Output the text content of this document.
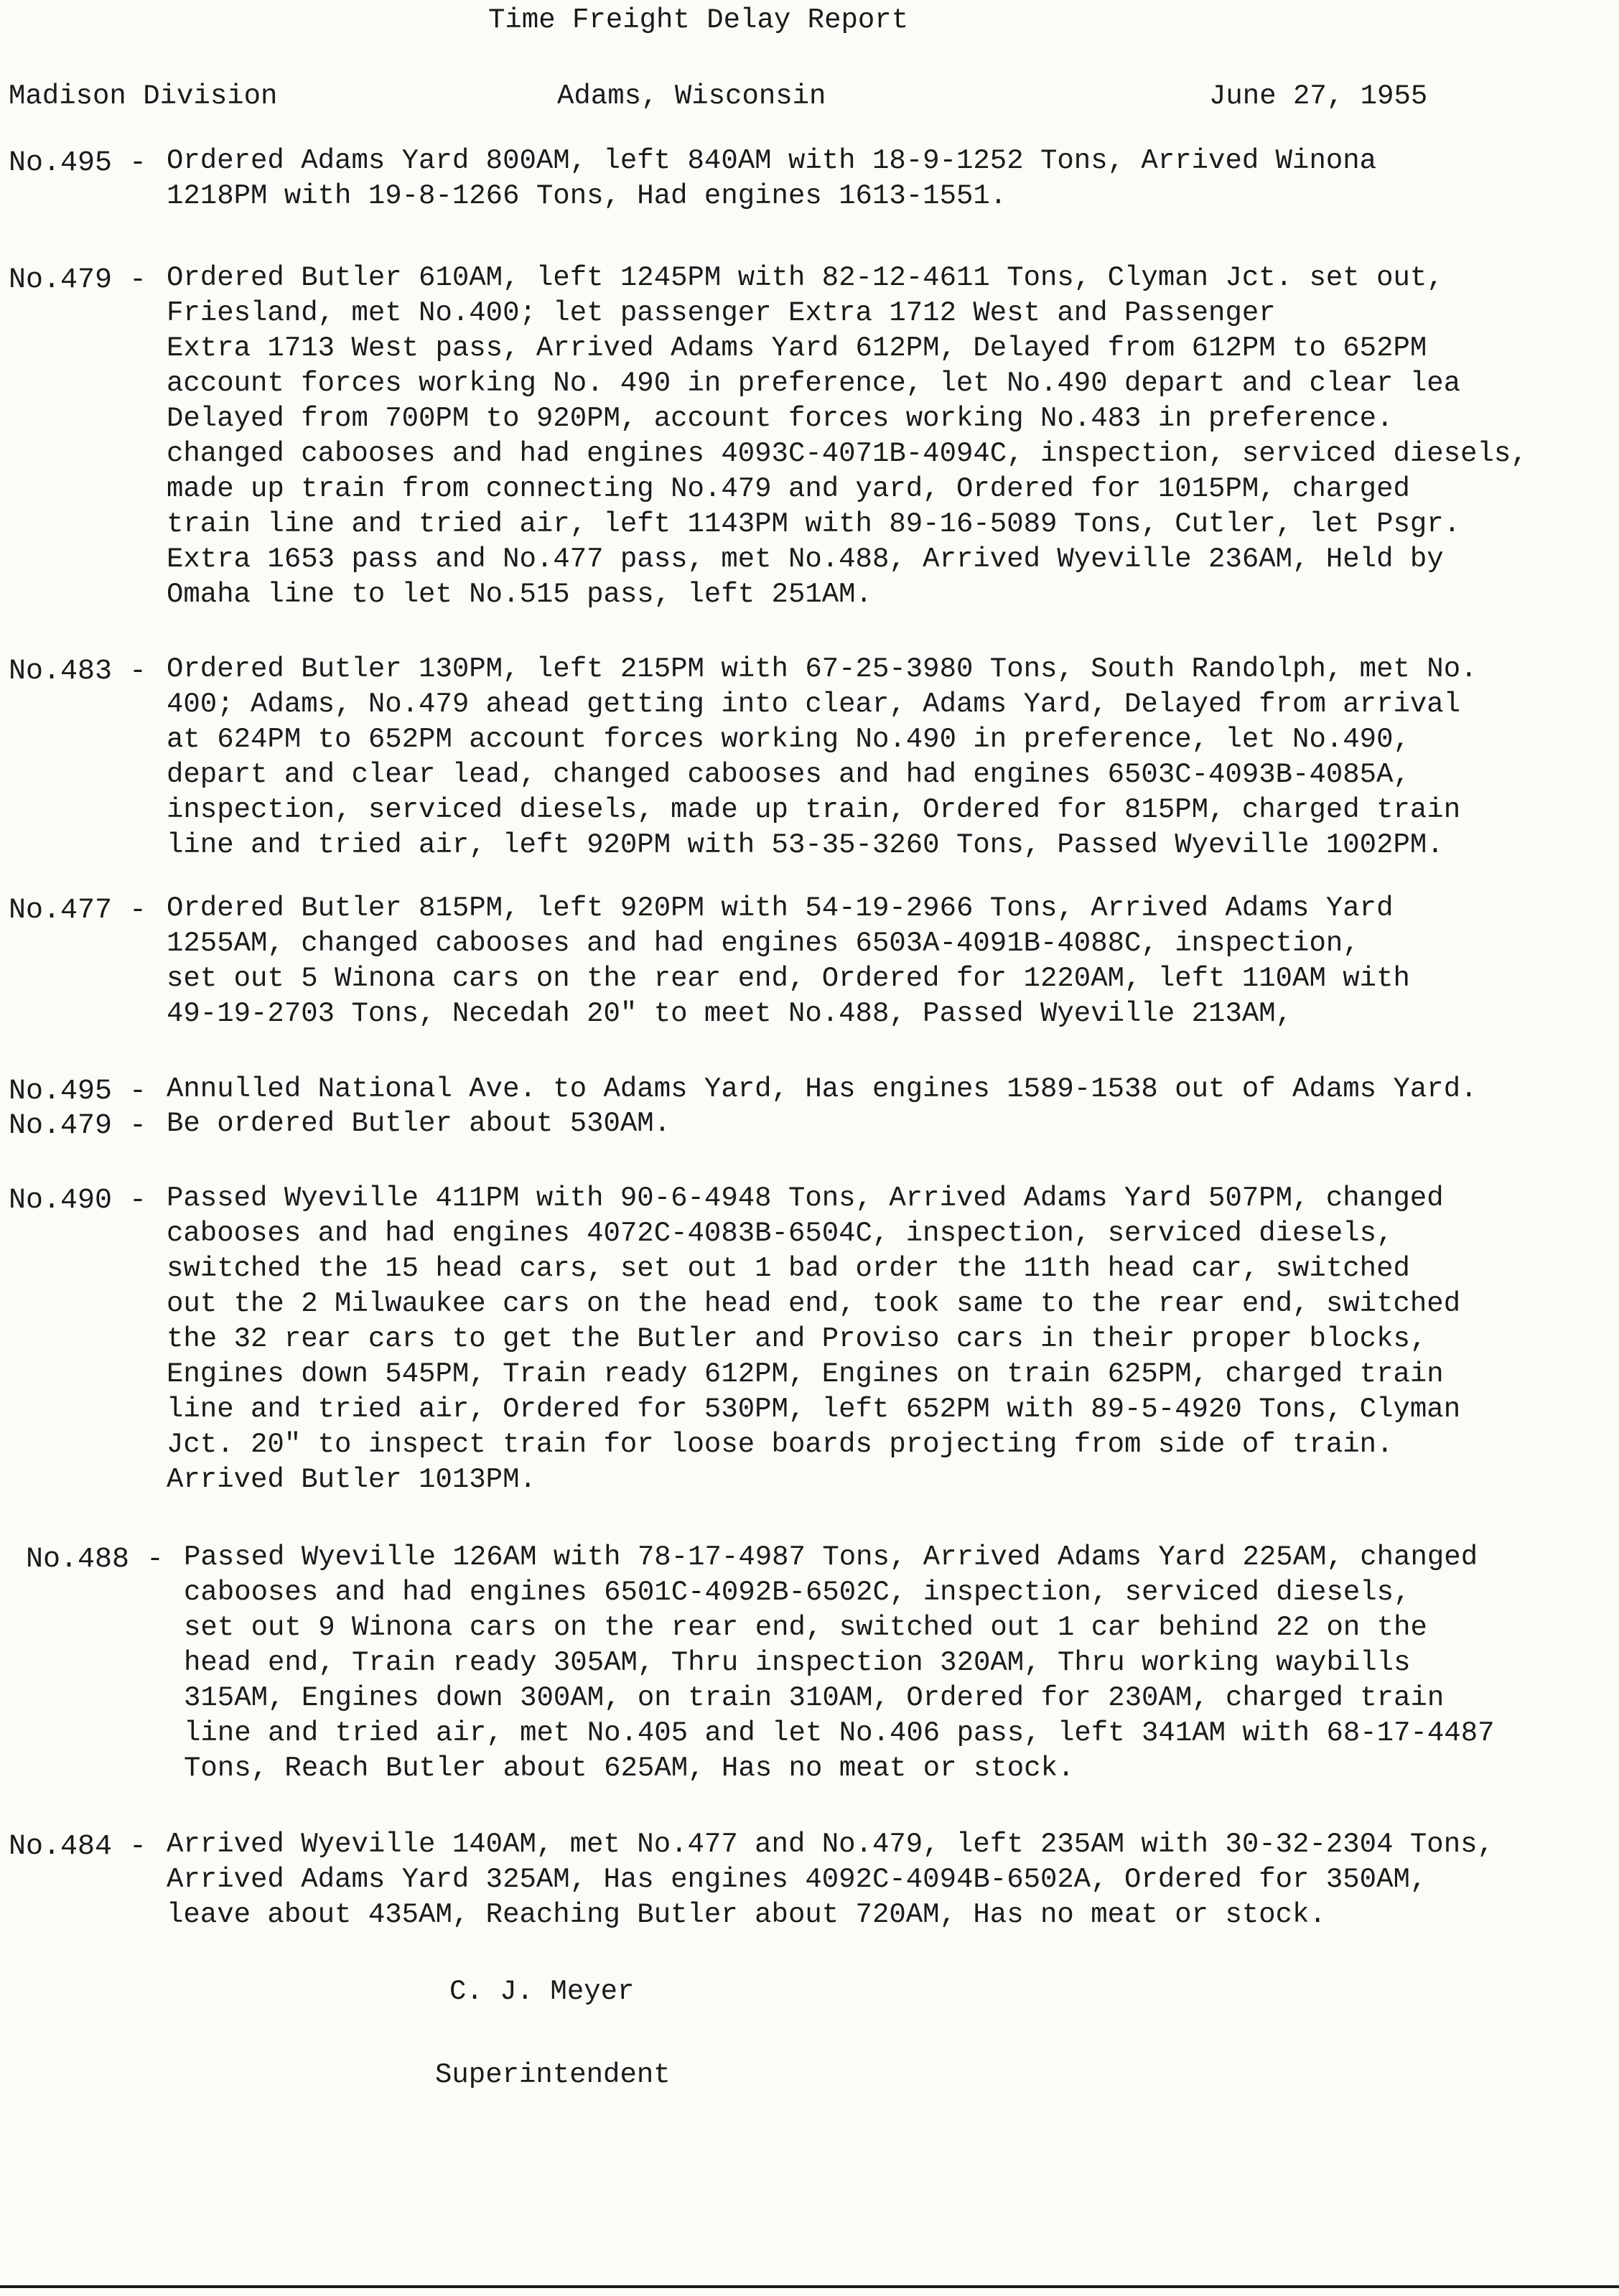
Time Freight Delay Report
Madison Division	Adams, Wisconsin	June 27, 1955
No.495 - Ordered Adams Yard 800AM, left 840AM with 18-9-1252 Tons, Arrived Winona
1218PM with 19-8-1266 Tons, Had engines 1613-1551.
No.479 - Ordered Butler 610AM, left 1245PM with 82-12-4611 Tons, Clyman Jct. set out,
Friesland, met No.400; let passenger Extra 1712 West and Passenger
Extra 1713 West pass, Arrived Adams Yard 612PM, Delayed from 612PM to 652PM
account forces working No. 490 in preference, let No.490 depart and clear lea
Delayed from 700PM to 920PM, account forces working No.483 in preference.
changed cabooses and had engines 4093C-4071B-4094C, inspection, serviced diesels,
made up train from connecting No.479 and yard, Ordered for 1015PM, charged
train line and tried air, left 1143PM with 89-16-5089 Tons, Cutler, let Psgr.
Extra 1653 pass and No.477 pass, met No.488, Arrived Wyeville 236AM, Held by
Omaha line to let No.515 pass, left 251AM.
No.483 - Ordered Butler 130PM, left 215PM with 67-25-3980 Tons, South Randolph, met No.
400; Adams, No.479 ahead getting into clear, Adams Yard, Delayed from arrival
at 624PM to 652PM account forces working No.490 in preference, let No.490,
depart and clear lead, changed cabooses and had engines 6503C-4093B-4085A,
inspection, serviced diesels, made up train, Ordered for 815PM, charged train
line and tried air, left 920PM with 53-35-3260 Tons, Passed Wyeville 1002PM.
No.477 - Ordered Butler 815PM, left 920PM with 54-19-2966 Tons, Arrived Adams Yard
1255AM, changed cabooses and had engines 6503A-4091B-4088C, inspection,
set out 5 Winona cars on the rear end, Ordered for 1220AM, left 110AM with
49-19-2703 Tons, Necedah 20" to meet No.488, Passed Wyeville 213AM,
No.495 - Annulled National Ave. to Adams Yard, Has engines 1589-1538 out of Adams Yard.
No.479 - Be ordered Butler about 530AM.
No.490 - Passed Wyeville 411PM with 90-6-4948 Tons, Arrived Adams Yard 507PM, changed
cabooses and had engines 4072C-4083B-6504C, inspection, serviced diesels,
switched the 15 head cars, set out 1 bad order the 11th head car, switched
out the 2 Milwaukee cars on the head end, took same to the rear end, switched
the 32 rear cars to get the Butler and Proviso cars in their proper blocks,
Engines down 545PM, Train ready 612PM, Engines on train 625PM, charged train
line and tried air, Ordered for 530PM, left 652PM with 89-5-4920 Tons, Clyman
Jct. 20" to inspect train for loose boards projecting from side of train.
Arrived Butler 1013PM.
No.488 - Passed Wyeville 126AM with 78-17-4987 Tons, Arrived Adams Yard 225AM, changed
cabooses and had engines 6501C-4092B-6502C, inspection, serviced diesels,
set out 9 Winona cars on the rear end, switched out 1 car behind 22 on the
head end, Train ready 305AM, Thru inspection 320AM, Thru working waybills
315AM, Engines down 300AM, on train 310AM, Ordered for 230AM, charged train
line and tried air, met No.405 and let No.406 pass, left 341AM with 68-17-4487
Tons, Reach Butler about 625AM, Has no meat or stock.
No.484 - Arrived Wyeville 140AM, met No.477 and No.479, left 235AM with 30-32-2304 Tons,
Arrived Adams Yard 325AM, Has engines 4092C-4094B-6502A, Ordered for 350AM,
leave about 435AM, Reaching Butler about 720AM, Has no meat or stock.
C. J. Meyer
Superintendent
